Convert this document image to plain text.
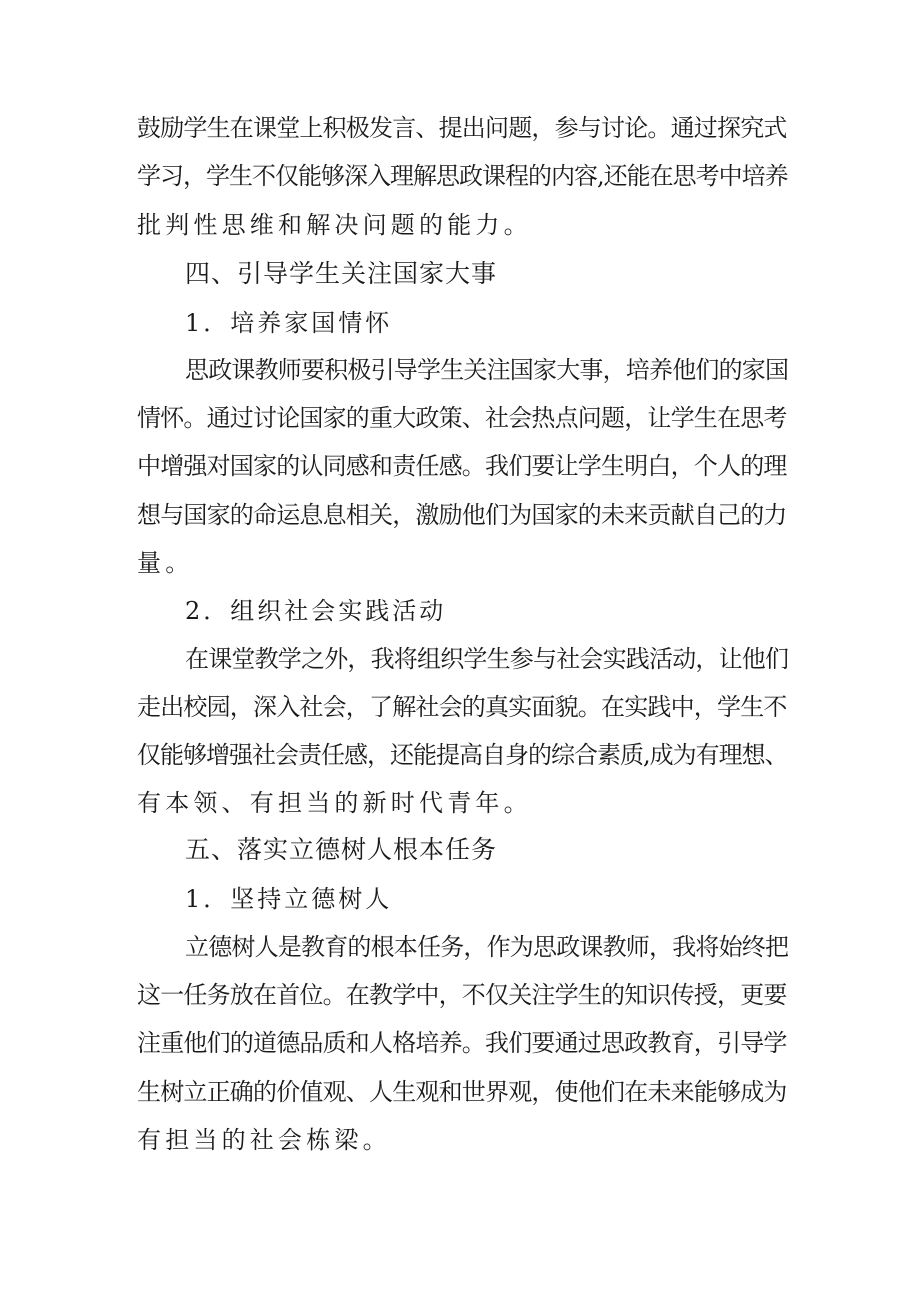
鼓励学生在课堂上积极发言、提出问题，参与讨论。通过探究式
学习，学生不仅能够深入理解思政课程的内容,还能在思考中培养
批判性思维和解决问题的能力。
四、引导学生关注国家大事
1．培养家国情怀
思政课教师要积极引导学生关注国家大事，培养他们的家国
情怀。通过讨论国家的重大政策、社会热点问题，让学生在思考
中增强对国家的认同感和责任感。我们要让学生明白，个人的理
想与国家的命运息息相关，激励他们为国家的未来贡献自己的力
量。
2．组织社会实践活动
在课堂教学之外，我将组织学生参与社会实践活动，让他们
走出校园，深入社会，了解社会的真实面貌。在实践中，学生不
仅能够增强社会责任感，还能提高自身的综合素质,成为有理想、
有本领、有担当的新时代青年。
五、落实立德树人根本任务
1．坚持立德树人
立德树人是教育的根本任务，作为思政课教师，我将始终把
这一任务放在首位。在教学中，不仅关注学生的知识传授，更要
注重他们的道德品质和人格培养。我们要通过思政教育，引导学
生树立正确的价值观、人生观和世界观，使他们在未来能够成为
有担当的社会栋梁。
